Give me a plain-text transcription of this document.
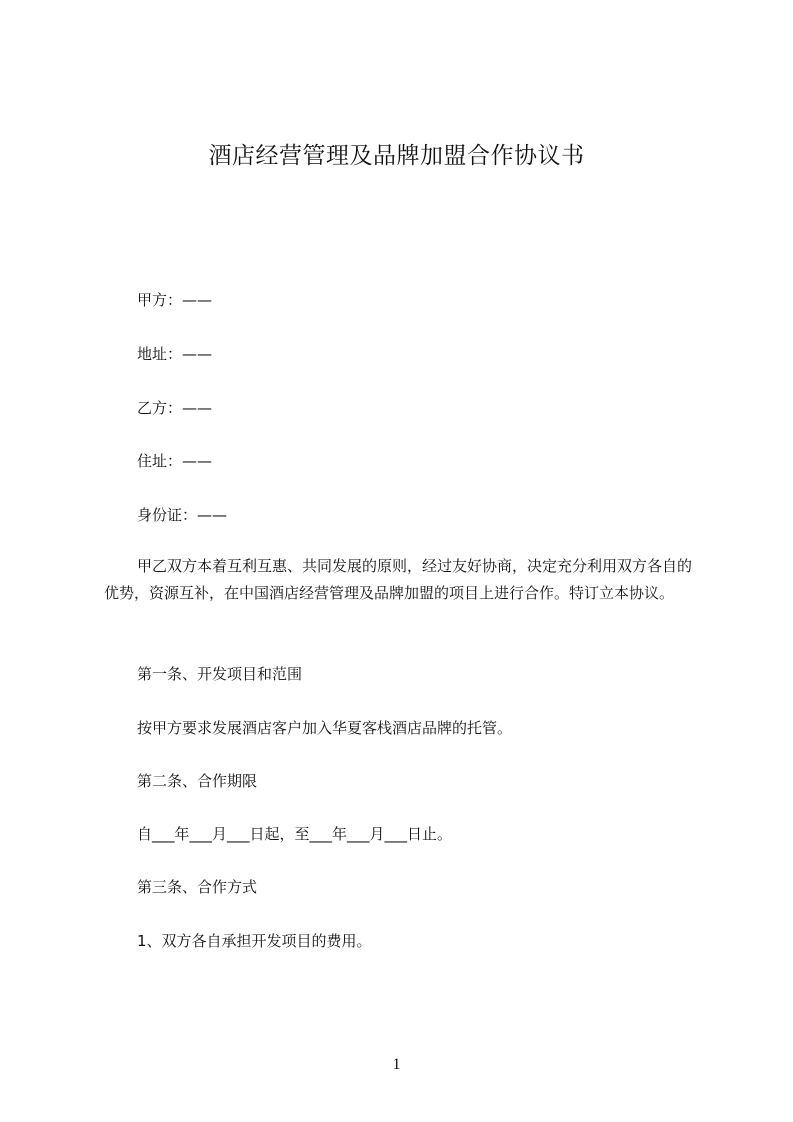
酒店经营管理及品牌加盟合作协议书
甲方：——
地址：——
乙方：——
住址：——
身份证：——
甲乙双方本着互利互惠、共同发展的原则，经过友好协商，决定充分利用双方各自的优势，资源互补，在中国酒店经营管理及品牌加盟的项目上进行合作。特订立本协议。
第一条、开发项目和范围
按甲方要求发展酒店客户加入华夏客栈酒店品牌的托管。
第二条、合作期限
自___年___月___日起，至___年___月___日止。
第三条、合作方式
1、双方各自承担开发项目的费用。
1
